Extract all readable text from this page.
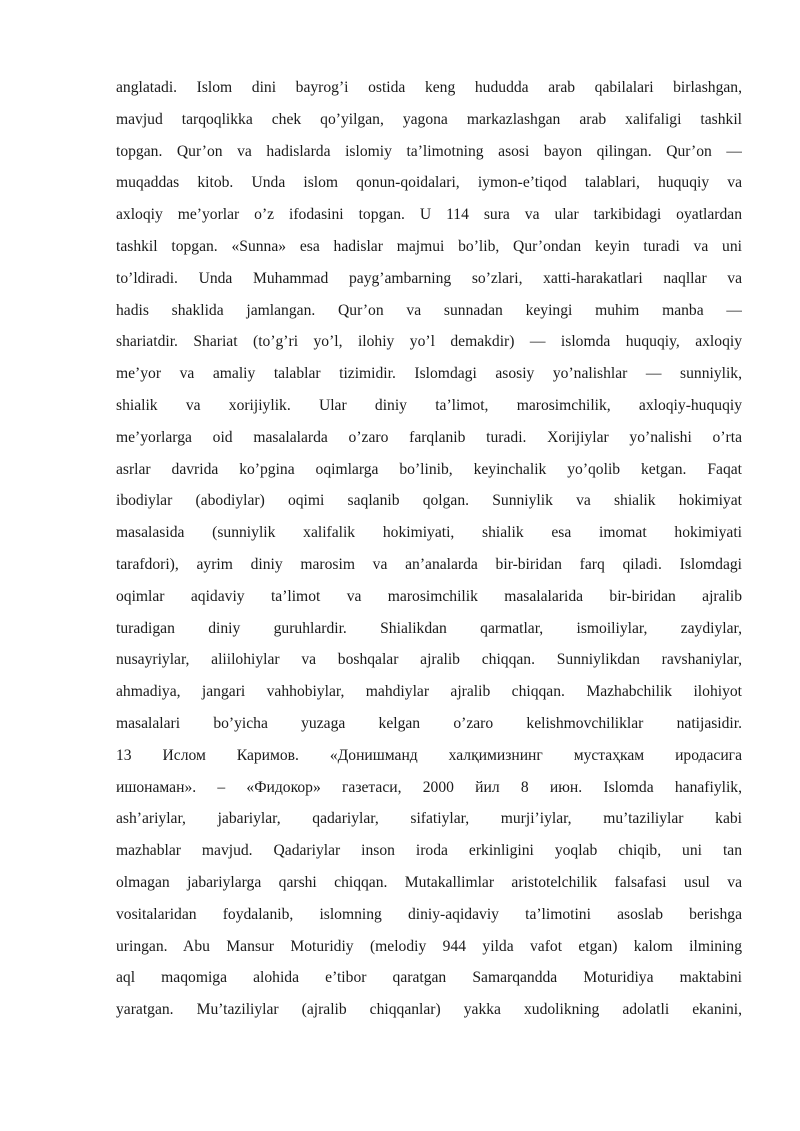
anglatadi. Islom dini bayrog’i ostida keng hududda arab qabilalari birlashgan,
mavjud tarqoqlikka chek qo’yilgan, yagona markazlashgan arab xalifaligi tashkil
topgan. Qur’on va hadislarda islomiy ta’limotning asosi bayon qilingan. Qur’on —
muqaddas kitob. Unda islom qonun-qoidalari, iymon-e’tiqod talablari, huquqiy va
axloqiy me’yorlar o’z ifodasini topgan. U 114 sura va ular tarkibidagi oyatlardan
tashkil topgan. «Sunna» esa hadislar majmui bo’lib, Qur’ondan keyin turadi va uni
to’ldiradi. Unda Muhammad payg’ambarning so’zlari, xatti-harakatlari naqllar va
hadis shaklida jamlangan. Qur’on va sunnadan keyingi muhim manba —
shariatdir. Shariat (to’g’ri yo’l, ilohiy yo’l demakdir) — islomda huquqiy, axloqiy
me’yor va amaliy talablar tizimidir. Islomdagi asosiy yo’nalishlar — sunniylik,
shialik va xorijiylik. Ular diniy ta’limot, marosimchilik, axloqiy-huquqiy
me’yorlarga oid masalalarda o’zaro farqlanib turadi. Xorijiylar yo’nalishi o’rta
asrlar davrida ko’pgina oqimlarga bo’linib, keyinchalik yo’qolib ketgan. Faqat
ibodiylar (abodiylar) oqimi saqlanib qolgan. Sunniylik va shialik hokimiyat
masalasida (sunniylik xalifalik hokimiyati, shialik esa imomat hokimiyati
tarafdori), ayrim diniy marosim va an’analarda bir-biridan farq qiladi. Islomdagi
oqimlar aqidaviy ta’limot va marosimchilik masalalarida bir-biridan ajralib
turadigan diniy guruhlardir. Shialikdan qarmatlar, ismoiliylar, zaydiylar,
nusayriylar, aliilohiylar va boshqalar ajralib chiqqan. Sunniylikdan ravshaniylar,
ahmadiya, jangari vahhobiylar, mahdiylar ajralib chiqqan. Mazhabchilik ilohiyot
masalalari bo’yicha yuzaga kelgan o’zaro kelishmovchiliklar natijasidir.
13 Ислом Каримов. «Донишманд халқимизнинг мустаҳкам иродасига
ишонаман». – «Фидокор» газетаси, 2000 йил 8 июн. Islomda hanafiylik,
ash’ariylar, jabariylar, qadariylar, sifatiylar, murji’iylar, mu’taziliylar kabi
mazhablar mavjud. Qadariylar inson iroda erkinligini yoqlab chiqib, uni tan
olmagan jabariylarga qarshi chiqqan. Mutakallimlar aristotelchilik falsafasi usul va
vositalaridan foydalanib, islomning diniy-aqidaviy ta’limotini asoslab berishga
uringan. Abu Mansur Moturidiy (melodiy 944 yilda vafot etgan) kalom ilmining
aql maqomiga alohida e’tibor qaratgan Samarqandda Moturidiya maktabini
yaratgan. Mu’taziliylar (ajralib chiqqanlar) yakka xudolikning adolatli ekanini,
